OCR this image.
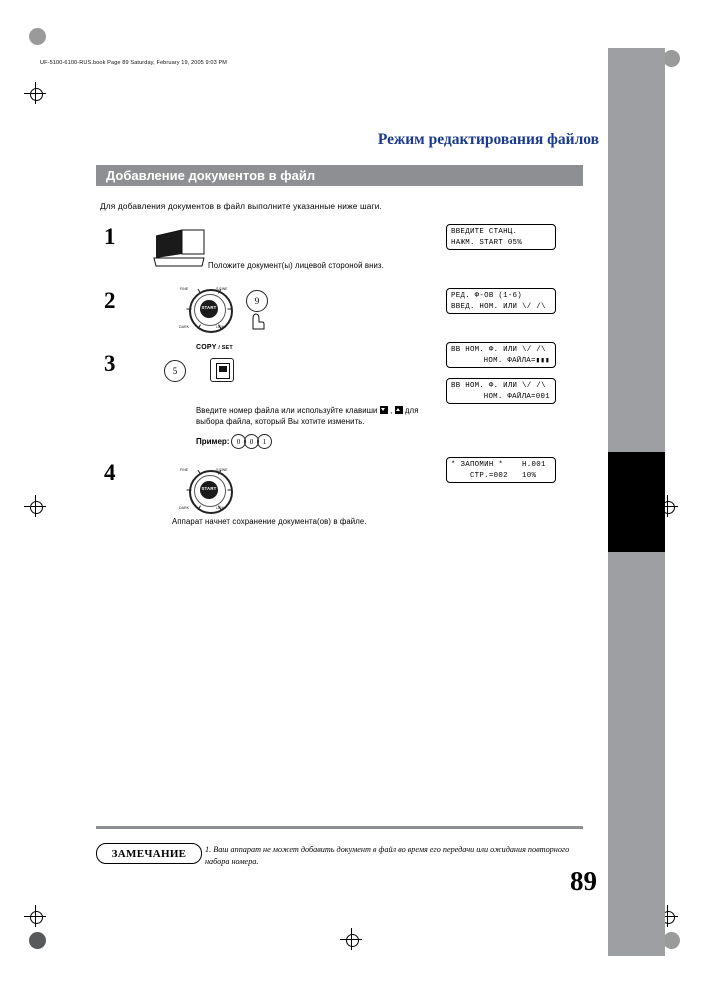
Дополнительные функции
UF-5100-6100-RUS.book Page 89 Saturday, February 19, 2005 9:03 PM
Режим редактирования файлов
Добавление документов в файл
Для добавления документов в файл выполните указанные ниже шаги.
1
Положите документ(ы) лицевой стороной вниз.
ВВЕДИТЕ СТАНЦ.
НАЖМ. START 05%
2	START
FINE	S.FINE
DARK	LIGHT
9	РЕД. Ф-ОВ (1-6)
ВВЕД. НОМ. ИЛИ \/ /\
3
COPY / SET
5
ВВ НОМ. Ф. ИЛИ \/ /\
НОМ. ФАЙЛА=▮▮▮
ВВ НОМ. Ф. ИЛИ \/ /\
НОМ. ФАЙЛА=001
Введите номер файла или используйте клавиши
,
для выбора файла, который Вы хотите изменить.
Пример:	0	0	1
4
START
FINE	S.FINE
DARK	LIGHT
Аппарат начнет сохранение документа(ов) в файле.
* ЗАПОМИН *    Н.001
СТР.=002   10%
ЗАМЕЧАНИЕ	1. Ваш аппарат не может добавить документ в файл во время его передачи или ожидания повторного набора номера.
89
